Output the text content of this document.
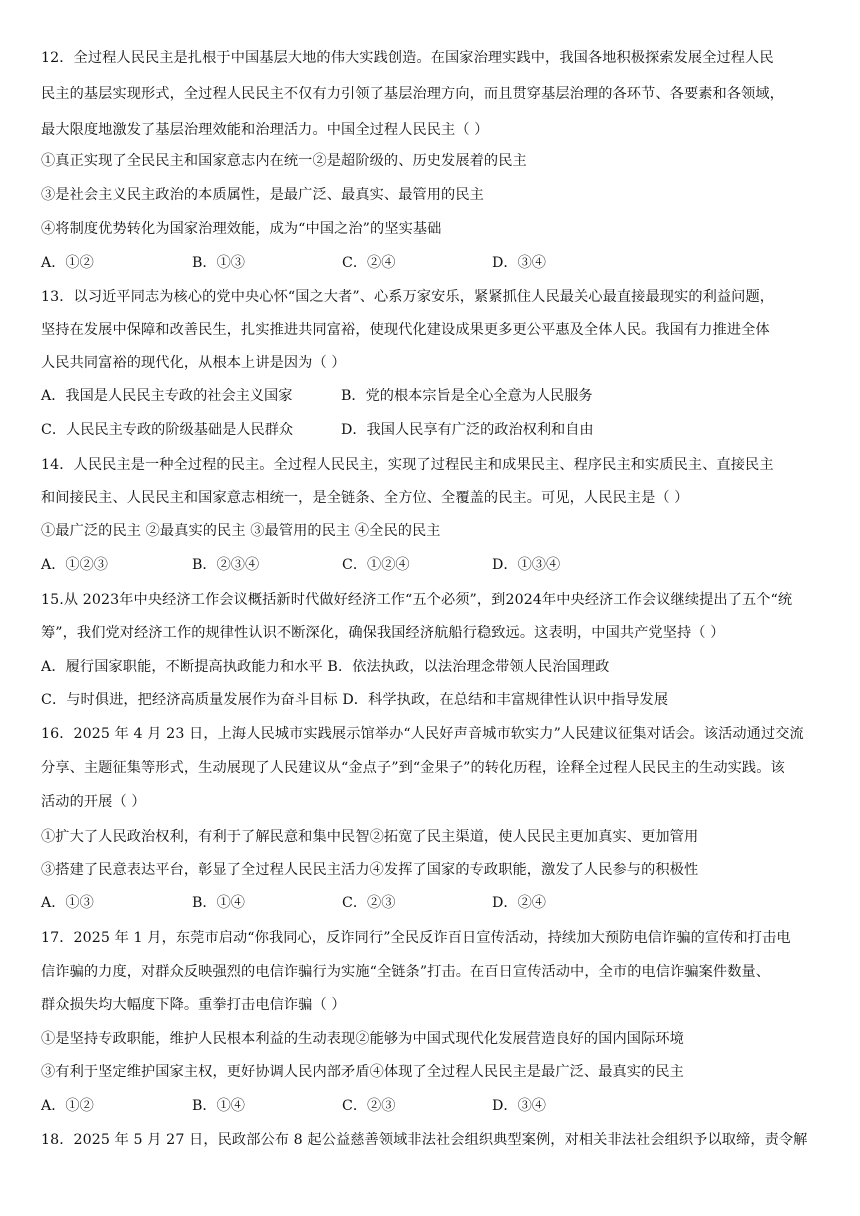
12．全过程人民民主是扎根于中国基层大地的伟大实践创造。在国家治理实践中，我国各地积极探索发展全过程人民
民主的基层实现形式，全过程人民民主不仅有力引领了基层治理方向，而且贯穿基层治理的各环节、各要素和各领域，
最大限度地激发了基层治理效能和治理活力。中国全过程人民民主（ ）
①真正实现了全民民主和国家意志内在统一②是超阶级的、历史发展着的民主
③是社会主义民主政治的本质属性，是最广泛、最真实、最管用的民主
④将制度优势转化为国家治理效能，成为“中国之治”的坚实基础
A．①②	B．①③	C．②④	D．③④
13．以习近平同志为核心的党中央心怀“国之大者”、心系万家安乐，紧紧抓住人民最关心最直接最现实的利益问题，
坚持在发展中保障和改善民生，扎实推进共同富裕，使现代化建设成果更多更公平惠及全体人民。我国有力推进全体
人民共同富裕的现代化，从根本上讲是因为（ ）
A．我国是人民民主专政的社会主义国家	B．党的根本宗旨是全心全意为人民服务
C．人民民主专政的阶级基础是人民群众	D．我国人民享有广泛的政治权利和自由
14．人民民主是一种全过程的民主。全过程人民民主，实现了过程民主和成果民主、程序民主和实质民主、直接民主
和间接民主、人民民主和国家意志相统一，是全链条、全方位、全覆盖的民主。可见，人民民主是（ ）
①最广泛的民主 ②最真实的民主 ③最管用的民主 ④全民的民主
A．①②③	B．②③④	C．①②④	D．①③④
15.从 2023年中央经济工作会议概括新时代做好经济工作“五个必须”，到2024年中央经济工作会议继续提出了五个“统
筹”，我们党对经济工作的规律性认识不断深化，确保我国经济航船行稳致远。这表明，中国共产党坚持（ ）
A．履行国家职能，不断提高执政能力和水平 B．依法执政，以法治理念带领人民治国理政
C．与时俱进，把经济高质量发展作为奋斗目标 D．科学执政，在总结和丰富规律性认识中指导发展
16．2025 年 4 月 23 日，上海人民城市实践展示馆举办“人民好声音城市软实力”人民建议征集对话会。该活动通过交流
分享、主题征集等形式，生动展现了人民建议从“金点子”到“金果子”的转化历程，诠释全过程人民民主的生动实践。该
活动的开展（ ）
①扩大了人民政治权利，有利于了解民意和集中民智②拓宽了民主渠道，使人民民主更加真实、更加管用
③搭建了民意表达平台，彰显了全过程人民民主活力④发挥了国家的专政职能，激发了人民参与的积极性
A．①③	B．①④	C．②③	D．②④
17．2025 年 1 月，东莞市启动“你我同心，反诈同行”全民反诈百日宣传活动，持续加大预防电信诈骗的宣传和打击电
信诈骗的力度，对群众反映强烈的电信诈骗行为实施“全链条”打击。在百日宣传活动中，全市的电信诈骗案件数量、
群众损失均大幅度下降。重拳打击电信诈骗（ ）
①是坚持专政职能，维护人民根本利益的生动表现②能够为中国式现代化发展营造良好的国内国际环境
③有利于坚定维护国家主权，更好协调人民内部矛盾④体现了全过程人民民主是最广泛、最真实的民主
A．①②	B．①④	C．②③	D．③④
18．2025 年 5 月 27 日，民政部公布 8 起公益慈善领域非法社会组织典型案例，对相关非法社会组织予以取缔，责令解
